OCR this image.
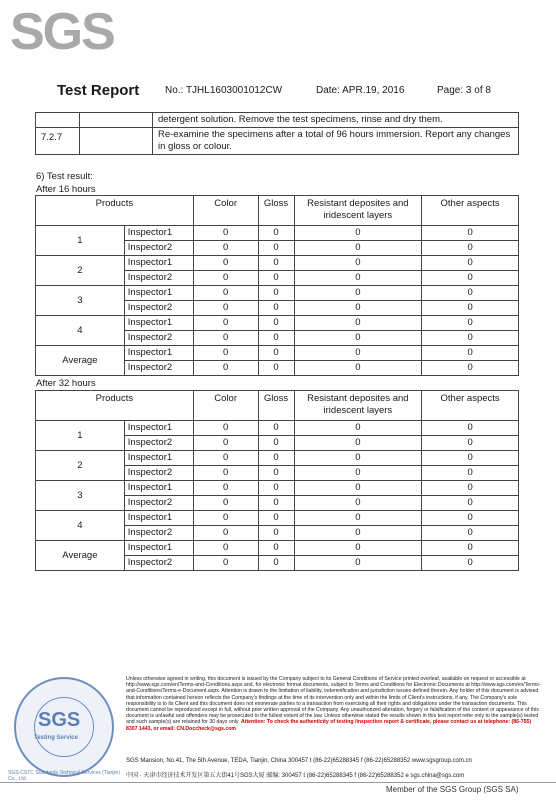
SGS
Test Report	No.: TJHL1603001012CW	Date: APR.19, 2016	Page: 3 of 8
		detergent solution. Remove the test specimens, rinse and dry them.
7.2.7		Re-examine the specimens after a total of 96 hours immersion. Report any changes in gloss or colour.
6) Test result:
After 16 hours
Products		Color	Gloss	Resistant deposites and iridescent layers	Other aspects
1	Inspector1	0	0	0	0
	Inspector2	0	0	0	0
2	Inspector1	0	0	0	0
	Inspector2	0	0	0	0
3	Inspector1	0	0	0	0
	Inspector2	0	0	0	0
4	Inspector1	0	0	0	0
	Inspector2	0	0	0	0
Average	Inspector1	0	0	0	0
	Inspector2	0	0	0	0
After 32 hours
Products		Color	Gloss	Resistant deposites and iridescent layers	Other aspects
1	Inspector1	0	0	0	0
	Inspector2	0	0	0	0
2	Inspector1	0	0	0	0
	Inspector2	0	0	0	0
3	Inspector1	0	0	0	0
	Inspector2	0	0	0	0
4	Inspector1	0	0	0	0
	Inspector2	0	0	0	0
Average	Inspector1	0	0	0	0
	Inspector2	0	0	0	0
SGS
Testing Service
SGS-CSTC Standards Technical Services (Tianjin) Co., Ltd.
Unless otherwise agreed in writing, this document is issued by the Company subject to its General Conditions of Service printed overleaf, available on request or accessible at http://www.sgs.com/en/Terms-and-Conditions.aspx and, for electronic format documents, subject to Terms and Conditions for Electronic Documents at http://www.sgs.com/en/Terms-and-Conditions/Terms-e-Document.aspx. Attention is drawn to the limitation of liability, indemnification and jurisdiction issues defined therein. Any holder of this document is advised that information contained hereon reflects the Company's findings at the time of its intervention only and within the limits of Client's instructions, if any. The Company's sole responsibility is to its Client and this document does not exonerate parties to a transaction from exercising all their rights and obligations under the transaction documents. This document cannot be reproduced except in full, without prior written approval of the Company. Any unauthorized alteration, forgery or falsification of the content or appearance of this document is unlawful and offenders may be prosecuted to the fullest extent of the law. Unless otherwise stated the results shown in this test report refer only to the sample(s) tested and such sample(s) are retained for 30 days only. Attention: To check the authenticity of testing /inspection report & certificate, please contact us at telephone: (86-755) 8307 1443, or email: CN.Doccheck@sgs.com
SGS Mansion, No.41, The 5th Avenue, TEDA, Tianjin, China 300457 t (86-22)65288345 f (86-22)65288352 www.sgsgroup.com.cn
中国 · 天津市经济技术开发区第五大街41号SGS大厦 邮编: 300457 t (86-22)65288345 f (86-22)65288352 e sgs.china@sgs.com
Member of the SGS Group (SGS SA)
